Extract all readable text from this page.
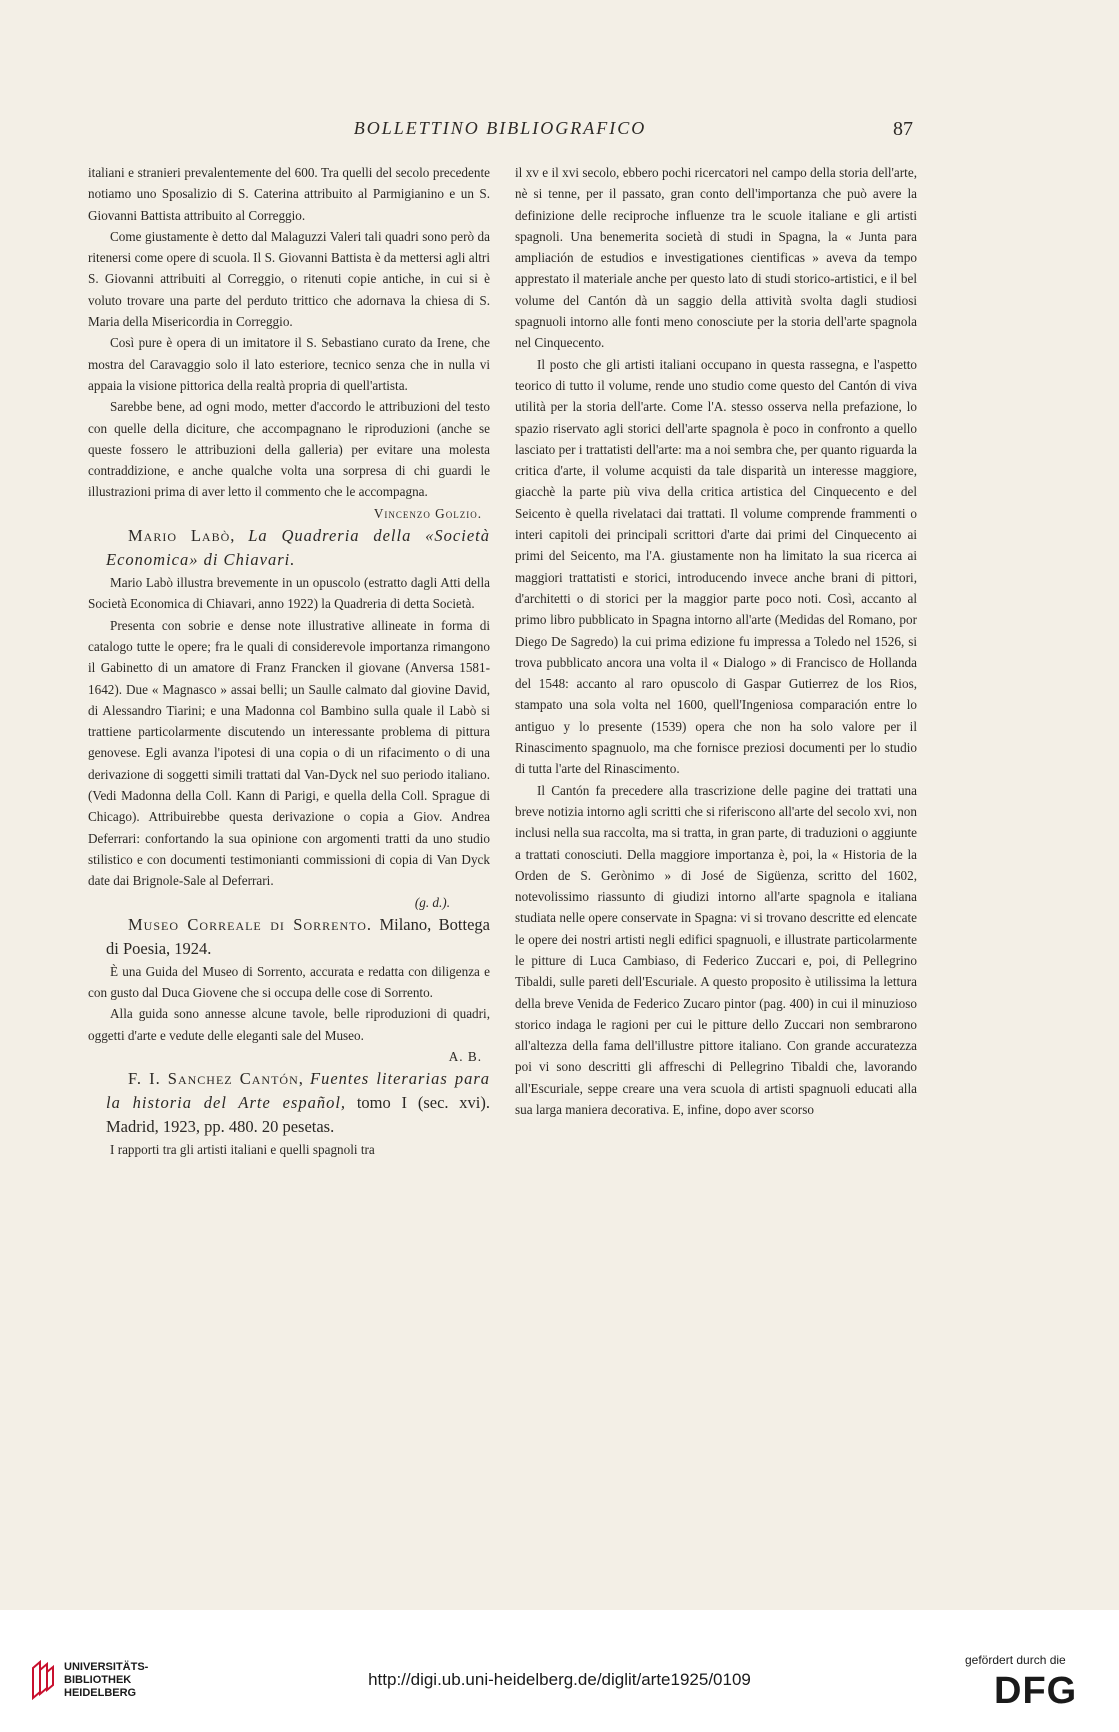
BOLLETTINO BIBLIOGRAFICO	87

italiani e stranieri prevalentemente del 600. Tra quelli del secolo precedente notiamo uno Sposalizio di S. Caterina attribuito al Parmigianino e un S. Giovanni Battista attribuito al Correggio.

Come giustamente è detto dal Malaguzzi Valeri tali quadri sono però da ritenersi come opere di scuola. Il S. Giovanni Battista è da mettersi agli altri S. Giovanni attribuiti al Correggio, o ritenuti copie antiche, in cui si è voluto trovare una parte del perduto trittico che adornava la chiesa di S. Maria della Misericordia in Correggio.

Così pure è opera di un imitatore il S. Sebastiano curato da Irene, che mostra del Caravaggio solo il lato esteriore, tecnico senza che in nulla vi appaia la visione pittorica della realtà propria di quell'artista.

Sarebbe bene, ad ogni modo, metter d'accordo le attribuzioni del testo con quelle della diciture, che accompagnano le riproduzioni (anche se queste fossero le attribuzioni della galleria) per evitare una molesta contraddizione, e anche qualche volta una sorpresa di chi guardi le illustrazioni prima di aver letto il commento che le accompagna.

Vincenzo Golzio.

Mario Labò, La Quadreria della «Società Economica» di Chiavari.

Mario Labò illustra brevemente in un opuscolo (estratto dagli Atti della Società Economica di Chiavari, anno 1922) la Quadreria di detta Società.

Presenta con sobrie e dense note illustrative allineate in forma di catalogo tutte le opere; fra le quali di considerevole importanza rimangono il Gabinetto di un amatore di Franz Francken il giovane (Anversa 1581-1642). Due « Magnasco » assai belli; un Saulle calmato dal giovine David, di Alessandro Tiarini; e una Madonna col Bambino sulla quale il Labò si trattiene particolarmente discutendo un interessante problema di pittura genovese. Egli avanza l'ipotesi di una copia o di un rifacimento o di una derivazione di soggetti simili trattati dal Van-Dyck nel suo periodo italiano. (Vedi Madonna della Coll. Kann di Parigi, e quella della Coll. Sprague di Chicago). Attribuirebbe questa derivazione o copia a Giov. Andrea Deferrari: confortando la sua opinione con argomenti tratti da uno studio stilistico e con documenti testimonianti commissioni di copia di Van Dyck date dai Brignole-Sale al Deferrari.

(g. d.).

Museo Correale di Sorrento. Milano, Bottega di Poesia, 1924.

È una Guida del Museo di Sorrento, accurata e redatta con diligenza e con gusto dal Duca Giovene che si occupa delle cose di Sorrento.

Alla guida sono annesse alcune tavole, belle riproduzioni di quadri, oggetti d'arte e vedute delle eleganti sale del Museo.

A. B.

F. I. Sanchez Cantón, Fuentes literarias para la historia del Arte español, tomo I (sec. xvi). Madrid, 1923, pp. 480. 20 pesetas.

I rapporti tra gli artisti italiani e quelli spagnoli tra

il xv e il xvi secolo, ebbero pochi ricercatori nel campo della storia dell'arte, nè si tenne, per il passato, gran conto dell'importanza che può avere la definizione delle reciproche influenze tra le scuole italiane e gli artisti spagnoli. Una benemerita società di studi in Spagna, la « Junta para ampliación de estudios e investigationes cientificas » aveva da tempo apprestato il materiale anche per questo lato di studi storico-artistici, e il bel volume del Cantón dà un saggio della attività svolta dagli studiosi spagnuoli intorno alle fonti meno conosciute per la storia dell'arte spagnola nel Cinquecento.

Il posto che gli artisti italiani occupano in questa rassegna, e l'aspetto teorico di tutto il volume, rende uno studio come questo del Cantón di viva utilità per la storia dell'arte. Come l'A. stesso osserva nella prefazione, lo spazio riservato agli storici dell'arte spagnola è poco in confronto a quello lasciato per i trattatisti dell'arte: ma a noi sembra che, per quanto riguarda la critica d'arte, il volume acquisti da tale disparità un interesse maggiore, giacchè la parte più viva della critica artistica del Cinquecento e del Seicento è quella rivelataci dai trattati. Il volume comprende frammenti o interi capitoli dei principali scrittori d'arte dai primi del Cinquecento ai primi del Seicento, ma l'A. giustamente non ha limitato la sua ricerca ai maggiori trattatisti e storici, introducendo invece anche brani di pittori, d'architetti o di storici per la maggior parte poco noti. Così, accanto al primo libro pubblicato in Spagna intorno all'arte (Medidas del Romano, por Diego De Sagredo) la cui prima edizione fu impressa a Toledo nel 1526, si trova pubblicato ancora una volta il « Dialogo » di Francisco de Hollanda del 1548: accanto al raro opuscolo di Gaspar Gutierrez de los Rios, stampato una sola volta nel 1600, quell'Ingeniosa comparación entre lo antiguo y lo presente (1539) opera che non ha solo valore per il Rinascimento spagnuolo, ma che fornisce preziosi documenti per lo studio di tutta l'arte del Rinascimento.

Il Cantón fa precedere alla trascrizione delle pagine dei trattati una breve notizia intorno agli scritti che si riferiscono all'arte del secolo xvi, non inclusi nella sua raccolta, ma si tratta, in gran parte, di traduzioni o aggiunte a trattati conosciuti. Della maggiore importanza è, poi, la « Historia de la Orden de S. Gerònimo » di José de Sigüenza, scritto del 1602, notevolissimo riassunto di giudizi intorno all'arte spagnola e italiana studiata nelle opere conservate in Spagna: vi si trovano descritte ed elencate le opere dei nostri artisti negli edifici spagnuoli, e illustrate particolarmente le pitture di Luca Cambiaso, di Federico Zuccari e, poi, di Pellegrino Tibaldi, sulle pareti dell'Escuriale. A questo proposito è utilissima la lettura della breve Venida de Federico Zucaro pintor (pag. 400) in cui il minuzioso storico indaga le ragioni per cui le pitture dello Zuccari non sembrarono all'altezza della fama dell'illustre pittore italiano. Con grande accuratezza poi vi sono descritti gli affreschi di Pellegrino Tibaldi che, lavorando all'Escuriale, seppe creare una vera scuola di artisti spagnuoli educati alla sua larga maniera decorativa. E, infine, dopo aver scorso

UNIVERSITÄTS-
BIBLIOTHEK
HEIDELBERG
http://digi.ub.uni-heidelberg.de/diglit/arte1925/0109
gefördert durch die
DFG
